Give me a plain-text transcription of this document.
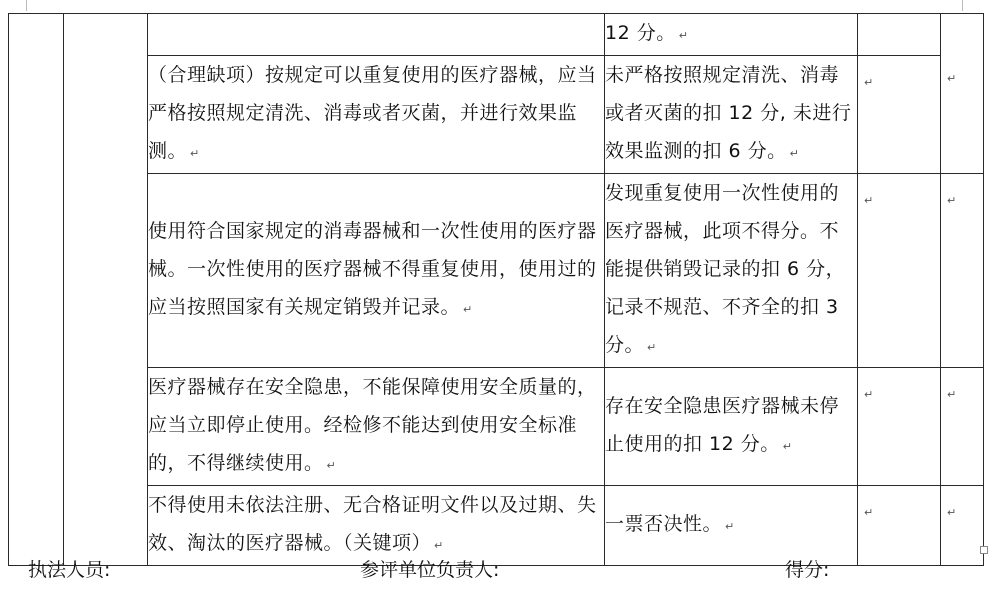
			12 分。 ↵		↵

		（合理缺项）按规定可以重复使用的医疗器械，应当严格按照规定清洗、消毒或者灭菌，并进行效果监测。 ↵	未严格按照规定清洗、消毒或者灭菌的扣 12 分, 未进行效果监测的扣 6 分。 ↵	↵	

		使用符合国家规定的消毒器械和一次性使用的医疗器械。一次性使用的医疗器械不得重复使用，使用过的应当按照国家有关规定销毁并记录。 ↵	发现重复使用一次性使用的医疗器械，此项不得分。不能提供销毁记录的扣 6 分，记录不规范、不齐全的扣 3 分。 ↵	↵	↵

		医疗器械存在安全隐患，不能保障使用安全质量的，应当立即停止使用。经检修不能达到使用安全标准的，不得继续使用。 ↵	存在安全隐患医疗器械未停止使用的扣 12 分。 ↵	↵	↵

		不得使用未依法注册、无合格证明文件以及过期、失效、淘汰的医疗器械。（关键项） ↵	一票否决性。 ↵	↵	↵
执法人员:	参评单位负责人:	得分:
